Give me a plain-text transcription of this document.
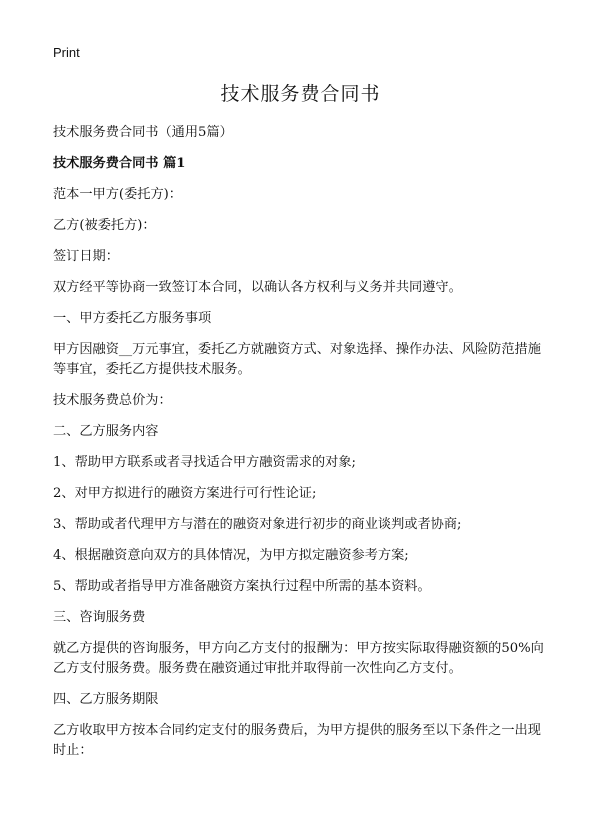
Print

技术服务费合同书

技术服务费合同书（通用5篇）

技术服务费合同书 篇1

范本一甲方(委托方)：

乙方(被委托方)：

签订日期：

双方经平等协商一致签订本合同，以确认各方权利与义务并共同遵守。

一、甲方委托乙方服务事项

甲方因融资__万元事宜，委托乙方就融资方式、对象选择、操作办法、风险防范措施等事宜，委托乙方提供技术服务。

技术服务费总价为：

二、乙方服务内容

1、帮助甲方联系或者寻找适合甲方融资需求的对象;

2、对甲方拟进行的融资方案进行可行性论证;

3、帮助或者代理甲方与潜在的融资对象进行初步的商业谈判或者协商;

4、根据融资意向双方的具体情况，为甲方拟定融资参考方案;

5、帮助或者指导甲方准备融资方案执行过程中所需的基本资料。

三、咨询服务费

就乙方提供的咨询服务，甲方向乙方支付的报酬为：甲方按实际取得融资额的50%向乙方支付服务费。服务费在融资通过审批并取得前一次性向乙方支付。

四、乙方服务期限

乙方收取甲方按本合同约定支付的服务费后，为甲方提供的服务至以下条件之一出现时止：
